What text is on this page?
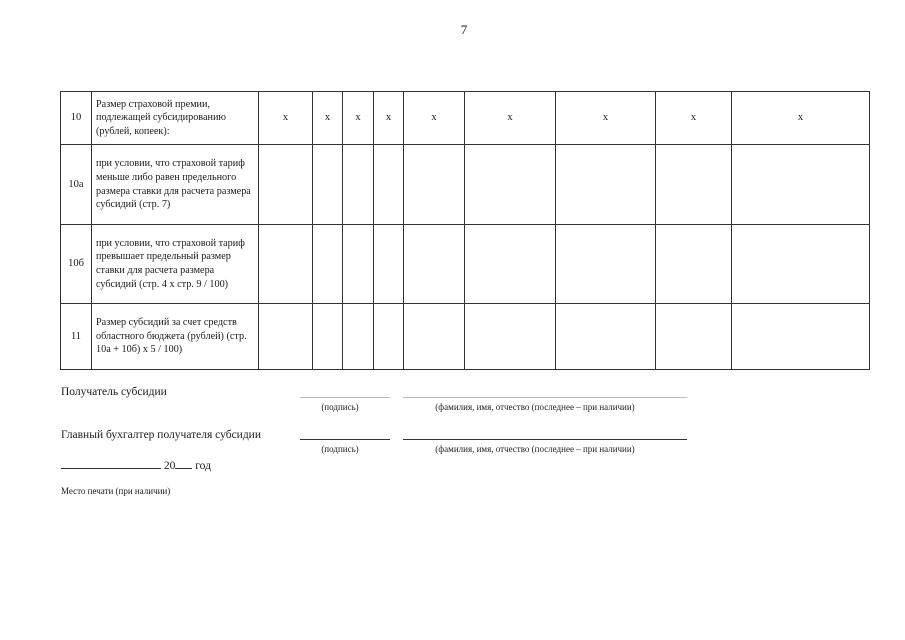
7
10	Размер страховой премии, подлежащей субсидированию (рублей, копеек):	x	x	x	x	x	x	x	x	x
10а	при условии, что страховой тариф меньше либо равен предельного размера ставки для расчета размера субсидий (стр. 7)									
10б	при условии, что страховой тариф превышает предельный размер ставки для расчета размера субсидий (стр. 4 х стр. 9 / 100)									
11	Размер субсидий за счет средств областного бюджета (рублей) (стр. 10а + 10б) х 5 / 100)									
Получатель субсидии
(подпись)	(фамилия, имя, отчество (последнее – при наличии)
Главный бухгалтер получателя субсидии
(подпись)	(фамилия, имя, отчество (последнее – при наличии)
20 год
Место печати (при наличии)
